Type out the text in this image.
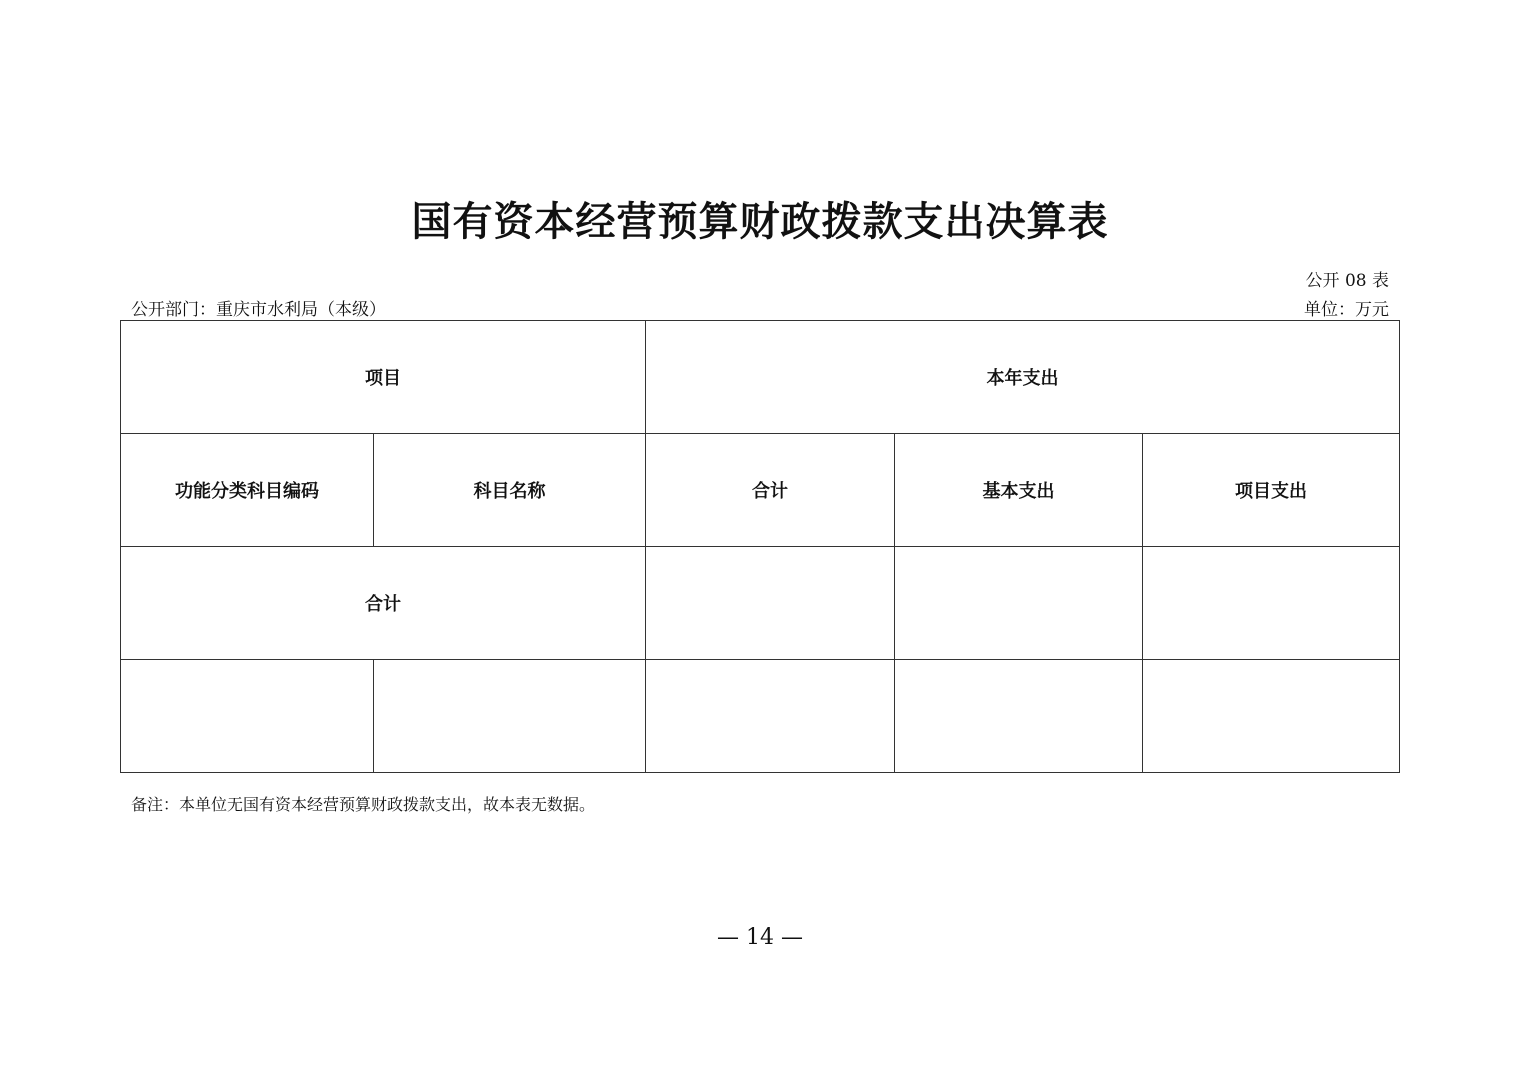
国有资本经营预算财政拨款支出决算表
公开 08 表
公开部门：重庆市水利局（本级）	单位：万元
项目		本年支出		
功能分类科目编码	科目名称	合计	基本支出	项目支出
合计				

备注：本单位无国有资本经营预算财政拨款支出，故本表无数据。
— 14 —
